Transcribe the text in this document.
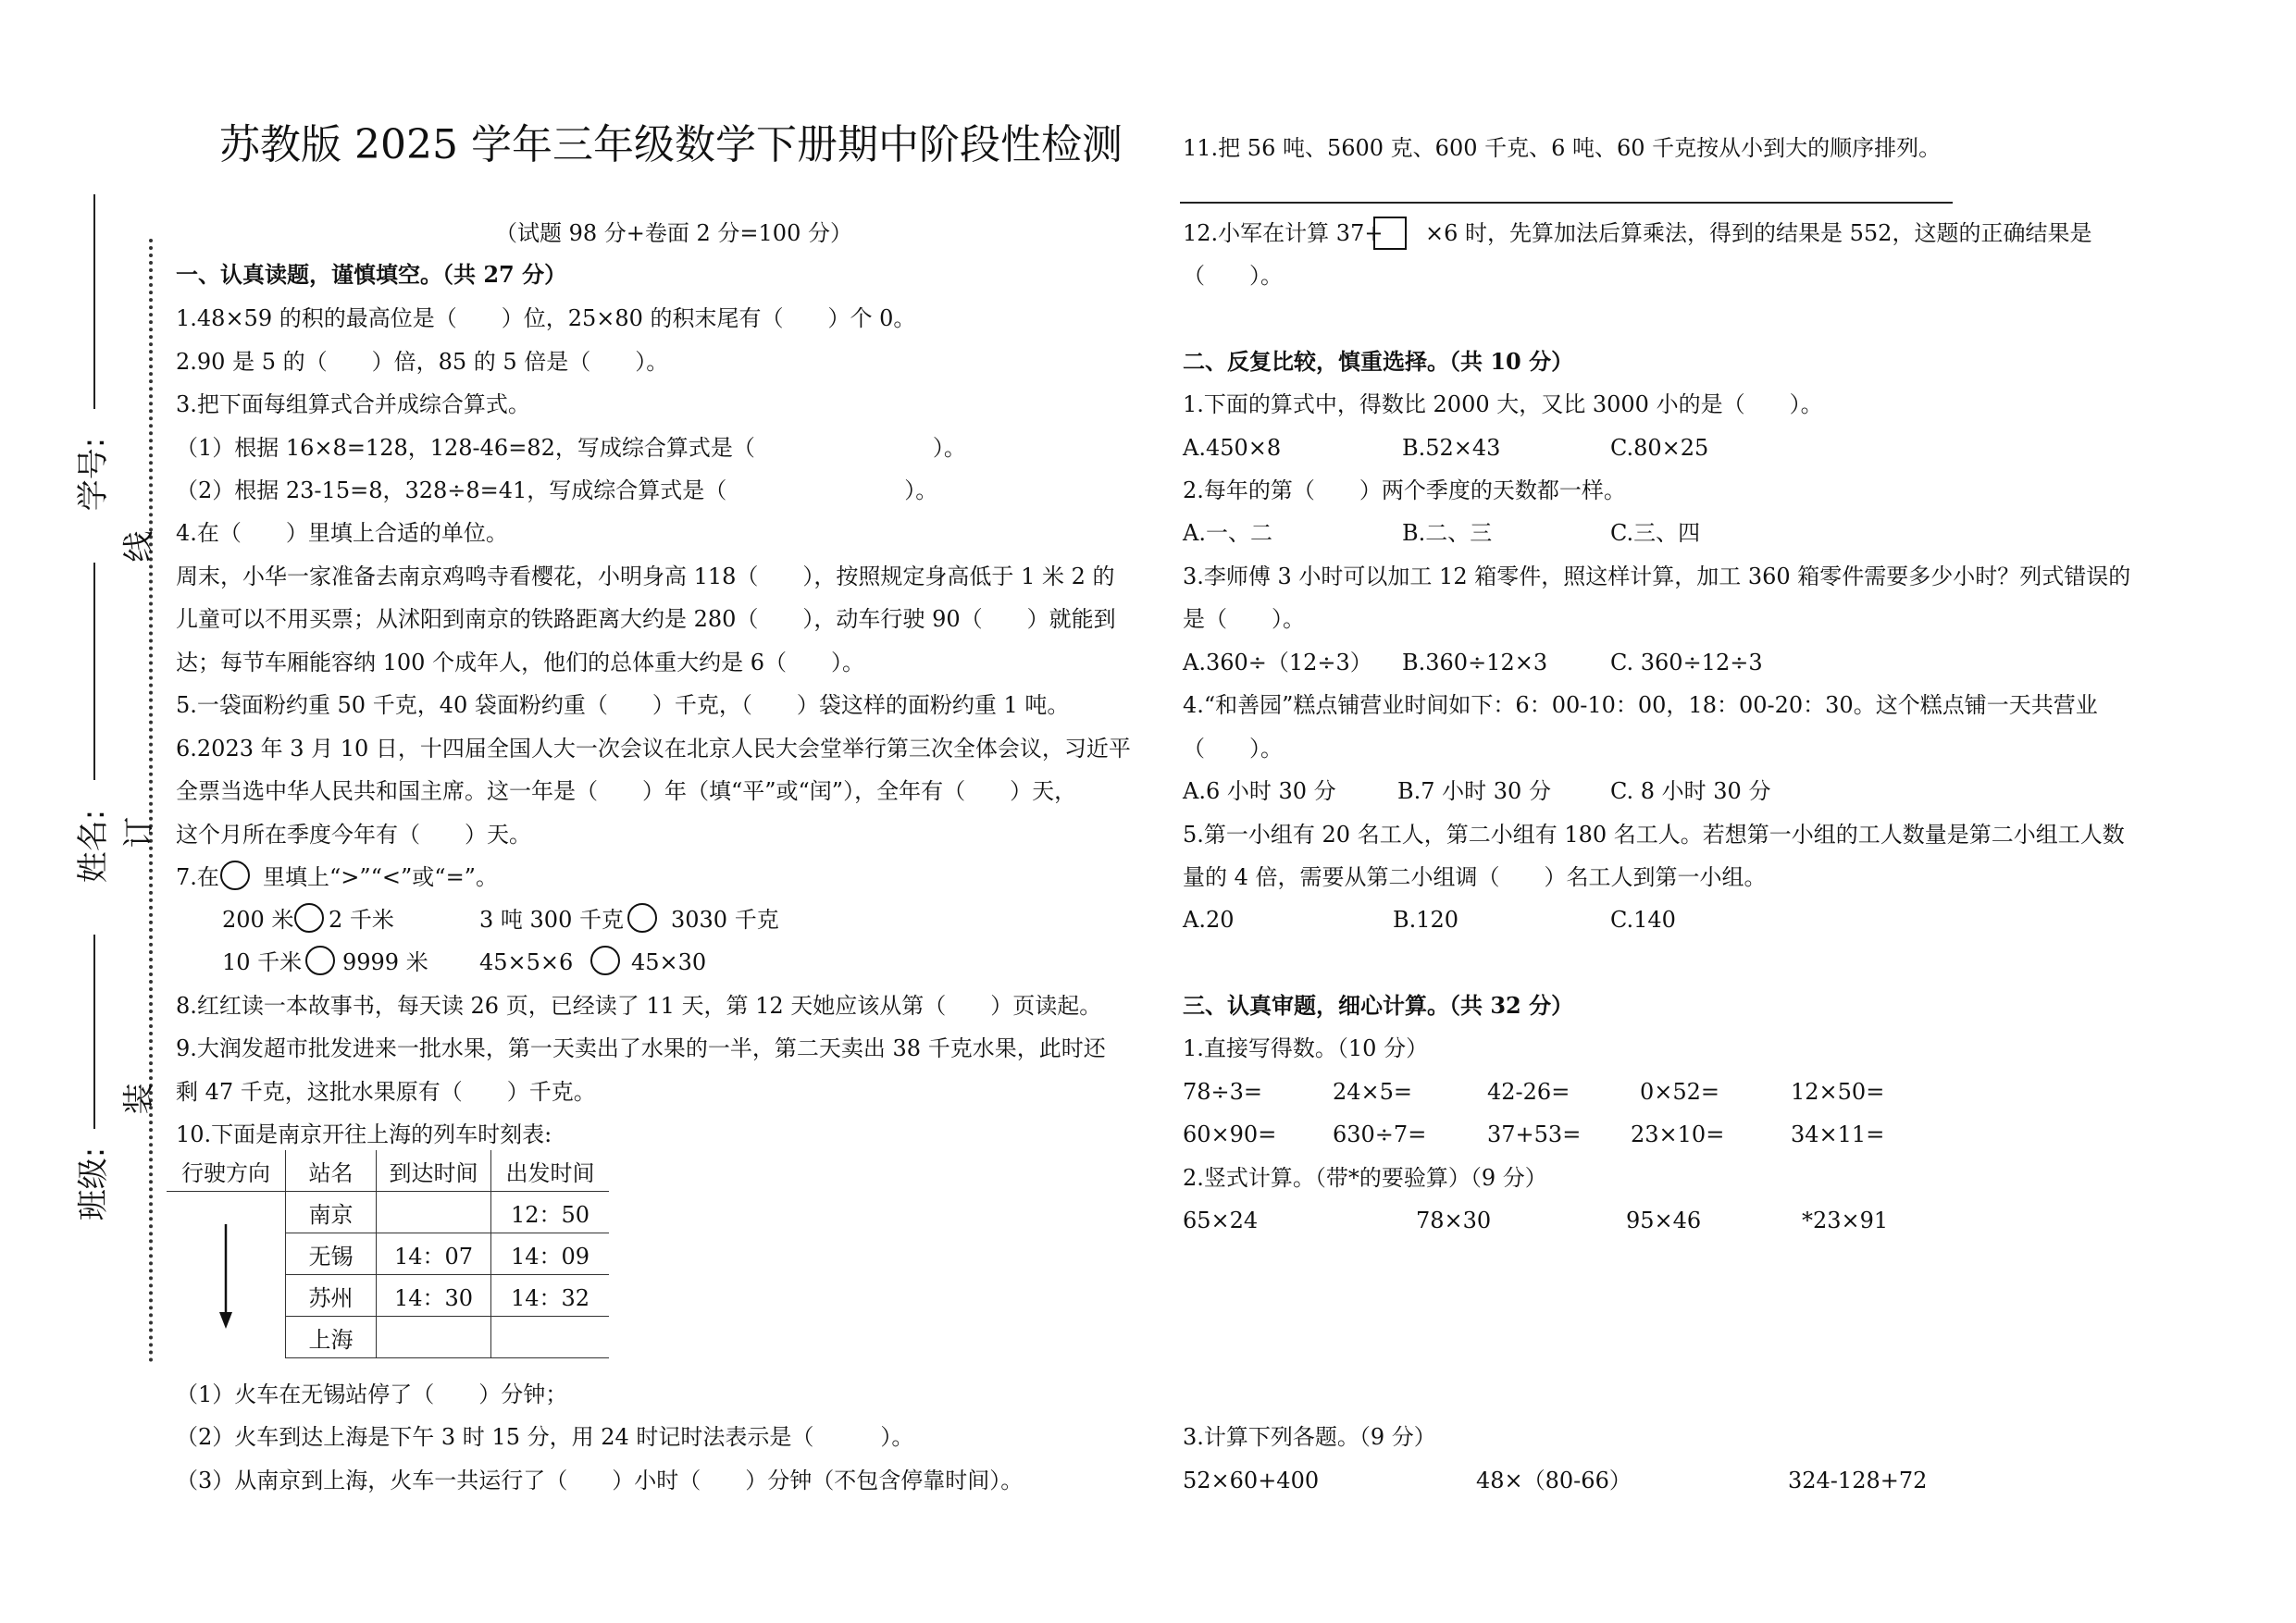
学号:
姓名:
班级:
线
订
装
苏教版 2025 学年三年级数学下册期中阶段性检测
（试题 98 分+卷面 2 分=100 分）
一、认真读题，谨慎填空。（共 27 分）
1.48×59 的积的最高位是（　　）位，25×80 的积末尾有（　　）个 0。
2.90 是 5 的（　　）倍，85 的 5 倍是（　　）。
3.把下面每组算式合并成综合算式。
（1）根据 16×8=128，128-46=82，写成综合算式是（　　　　　　　　）。
（2）根据 23-15=8，328÷8=41，写成综合算式是（　　　　　　　　）。
4.在（　　）里填上合适的单位。
周末，小华一家准备去南京鸡鸣寺看樱花，小明身高 118（　　），按照规定身高低于 1 米 2 的
儿童可以不用买票；从沭阳到南京的铁路距离大约是 280（　　），动车行驶 90（　　）就能到
达；每节车厢能容纳 100 个成年人，他们的总体重大约是 6（　　）。
5.一袋面粉约重 50 千克，40 袋面粉约重（　　）千克，（　　）袋这样的面粉约重 1 吨。
6.2023 年 3 月 10 日，十四届全国人大一次会议在北京人民大会堂举行第三次全体会议，习近平
全票当选中华人民共和国主席。这一年是（　　）年（填“平”或“闰”），全年有（　　）天，
这个月所在季度今年有（　　）天。
7.在 里填上“>”“<”或“=”。
200 米 2 千米	3 吨 300 千克 3030 千克
10 千米 9999 米 45×5×6	45×30
8.红红读一本故事书，每天读 26 页，已经读了 11 天，第 12 天她应该从第（　　）页读起。
9.大润发超市批发进来一批水果，第一天卖出了水果的一半，第二天卖出 38 千克水果，此时还
剩 47 千克，这批水果原有（　　）千克。
10.下面是南京开往上海的列车时刻表:
行驶方向	站名	到达时间	出发时间

	南京		12：50
	无锡	14：07	14：09
	苏州	14：30	14：32
	上海		
（1）火车在无锡站停了（　　）分钟；
（2）火车到达上海是下午 3 时 15 分，用 24 时记时法表示是（　　　）。
（3）从南京到上海，火车一共运行了（　　）小时（　　）分钟（不包含停靠时间）。
11.把 56 吨、5600 克、600 千克、6 吨、60 千克按从小到大的顺序排列。
12.小军在计算 37+ ×6 时，先算加法后算乘法，得到的结果是 552，这题的正确结果是
（　　）。
二、反复比较，慎重选择。（共 10 分）
1.下面的算式中，得数比 2000 大，又比 3000 小的是（　　）。
A.450×8	B.52×43	C.80×25
2.每年的第（　　）两个季度的天数都一样。
A.一、二	B.二、三	C.三、四
3.李师傅 3 小时可以加工 12 箱零件，照这样计算，加工 360 箱零件需要多少小时？列式错误的
是（　　）。
A.360÷（12÷3） B.360÷12×3	C. 360÷12÷3
4.“和善园”糕点铺营业时间如下：6：00-10：00，18：00-20：30。这个糕点铺一天共营业
（　　）。
A.6 小时 30 分	B.7 小时 30 分	C. 8 小时 30 分
5.第一小组有 20 名工人，第二小组有 180 名工人。若想第一小组的工人数量是第二小组工人数
量的 4 倍，需要从第二小组调（　　）名工人到第一小组。
A.20	B.120	C.140
三、认真审题，细心计算。（共 32 分）
1.直接写得数。（10 分）
78÷3=	24×5=	42-26=	0×52=	12×50=
60×90=	630÷7=	37+53= 23×10=	34×11=
2.竖式计算。（带*的要验算）（9 分）
65×24	78×30	95×46	*23×91
3.计算下列各题。（9 分）
52×60+400	48×（80-66）	324-128+72
